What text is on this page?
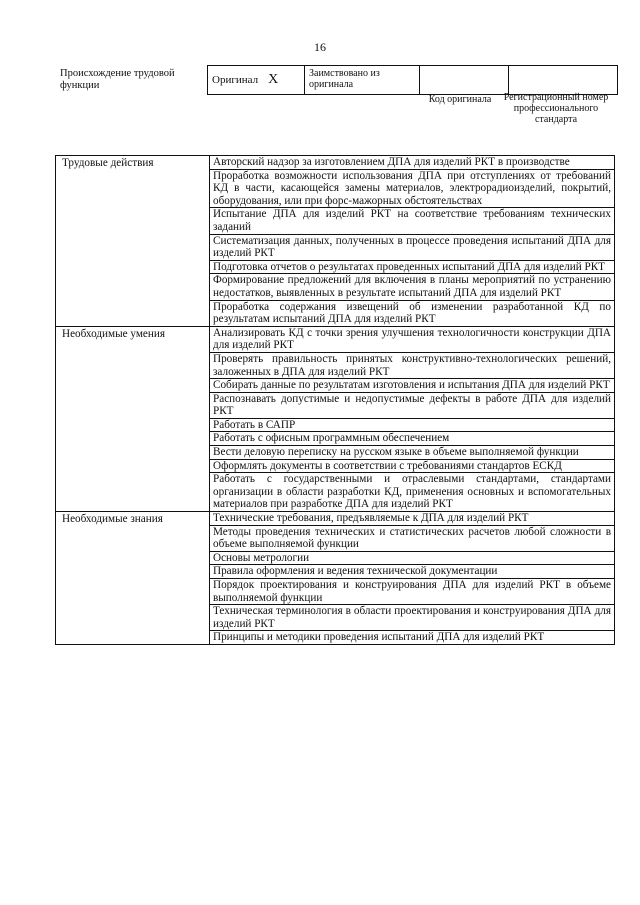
16
Происхождение трудовой функции	Оригинал X	Заимствовано из оригинала		
Код оригинала	Регистрационный номер профессионального стандарта
Трудовые действия	Авторский надзор за изготовлением ДПА для изделий РКТ в производстве
	Проработка возможности использования ДПА при отступлениях от требований КД в части, касающейся замены материалов, электрорадиоизделий, покрытий, оборудования, или при форс-мажорных обстоятельствах
	Испытание ДПА для изделий РКТ на соответствие требованиям технических заданий
	Систематизация данных, полученных в процессе проведения испытаний ДПА для изделий РКТ
	Подготовка отчетов о результатах проведенных испытаний ДПА для изделий РКТ
	Формирование предложений для включения в планы мероприятий по устранению недостатков, выявленных в результате испытаний ДПА для изделий РКТ
	Проработка содержания извещений об изменении разработанной КД по результатам испытаний ДПА для изделий РКТ
Необходимые умения	Анализировать КД с точки зрения улучшения технологичности конструкции ДПА для изделий РКТ
	Проверять правильность принятых конструктивно-технологических решений, заложенных в ДПА для изделий РКТ
	Собирать данные по результатам изготовления и испытания ДПА для изделий РКТ
	Распознавать допустимые и недопустимые дефекты в работе ДПА для изделий РКТ
	Работать в САПР
	Работать с офисным программным обеспечением
	Вести деловую переписку на русском языке в объеме выполняемой функции
	Оформлять документы в соответствии с требованиями стандартов ЕСКД
	Работать с государственными и отраслевыми стандартами, стандартами организации в области разработки КД, применения основных и вспомогательных материалов при разработке ДПА для изделий РКТ
Необходимые знания	Технические требования, предъявляемые к ДПА для изделий РКТ
	Методы проведения технических и статистических расчетов любой сложности в объеме выполняемой функции
	Основы метрологии
	Правила оформления и ведения технической документации
	Порядок проектирования и конструирования ДПА для изделий РКТ в объеме выполняемой функции
	Техническая терминология в области проектирования и конструирования ДПА для изделий РКТ
	Принципы и методики проведения испытаний ДПА для изделий РКТ
